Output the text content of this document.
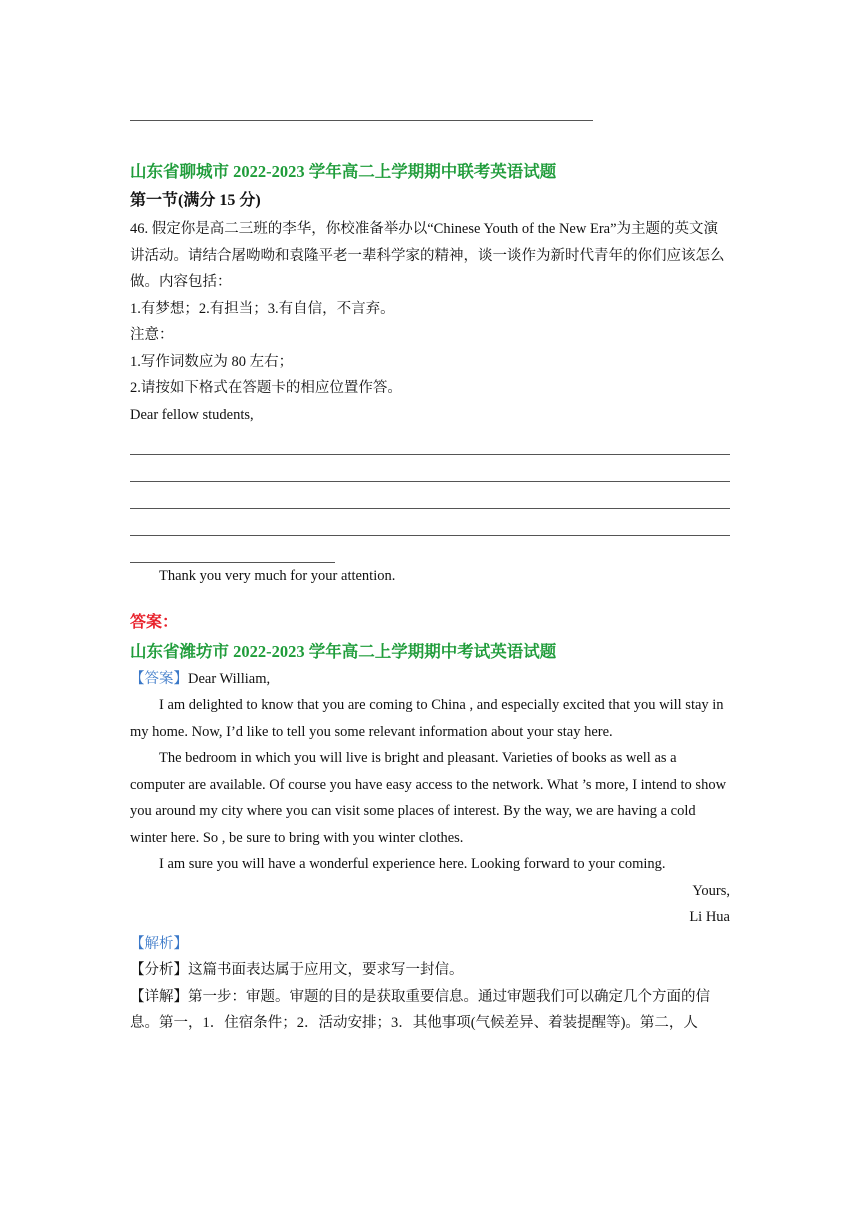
山东省聊城市 2022-2023 学年高二上学期期中联考英语试题

第一节(满分 15 分)

46. 假定你是高二三班的李华，你校准备举办以“Chinese Youth of the New Era”为主题的英文演讲活动。请结合屠呦呦和袁隆平老一辈科学家的精神，谈一谈作为新时代青年的你们应该怎么做。内容包括：

1.有梦想；2.有担当；3.有自信，不言弃。

注意：

1.写作词数应为 80 左右；

2.请按如下格式在答题卡的相应位置作答。

Dear fellow students,

Thank you very much for your attention.

答案：

山东省潍坊市 2022-2023 学年高二上学期期中考试英语试题

【答案】Dear William,

I am delighted to know that you are coming to China , and especially excited that you will stay in my home. Now, I’d like to tell you some relevant information about your stay here.

The bedroom in which you will live is bright and pleasant. Varieties of books as well as a computer are available. Of course you have easy access to the network. What ’s more, I intend to show you around my city where you can visit some places of interest. By the way, we are having a cold winter here. So , be sure to bring with you winter clothes.

I am sure you will have a wonderful experience here. Looking forward to your coming.

Yours,

Li Hua

【解析】

【分析】这篇书面表达属于应用文，要求写一封信。

【详解】第一步：审题。审题的目的是获取重要信息。通过审题我们可以确定几个方面的信息。第一，1．住宿条件；2．活动安排；3．其他事项(气候差异、着装提醒等)。第二，人
